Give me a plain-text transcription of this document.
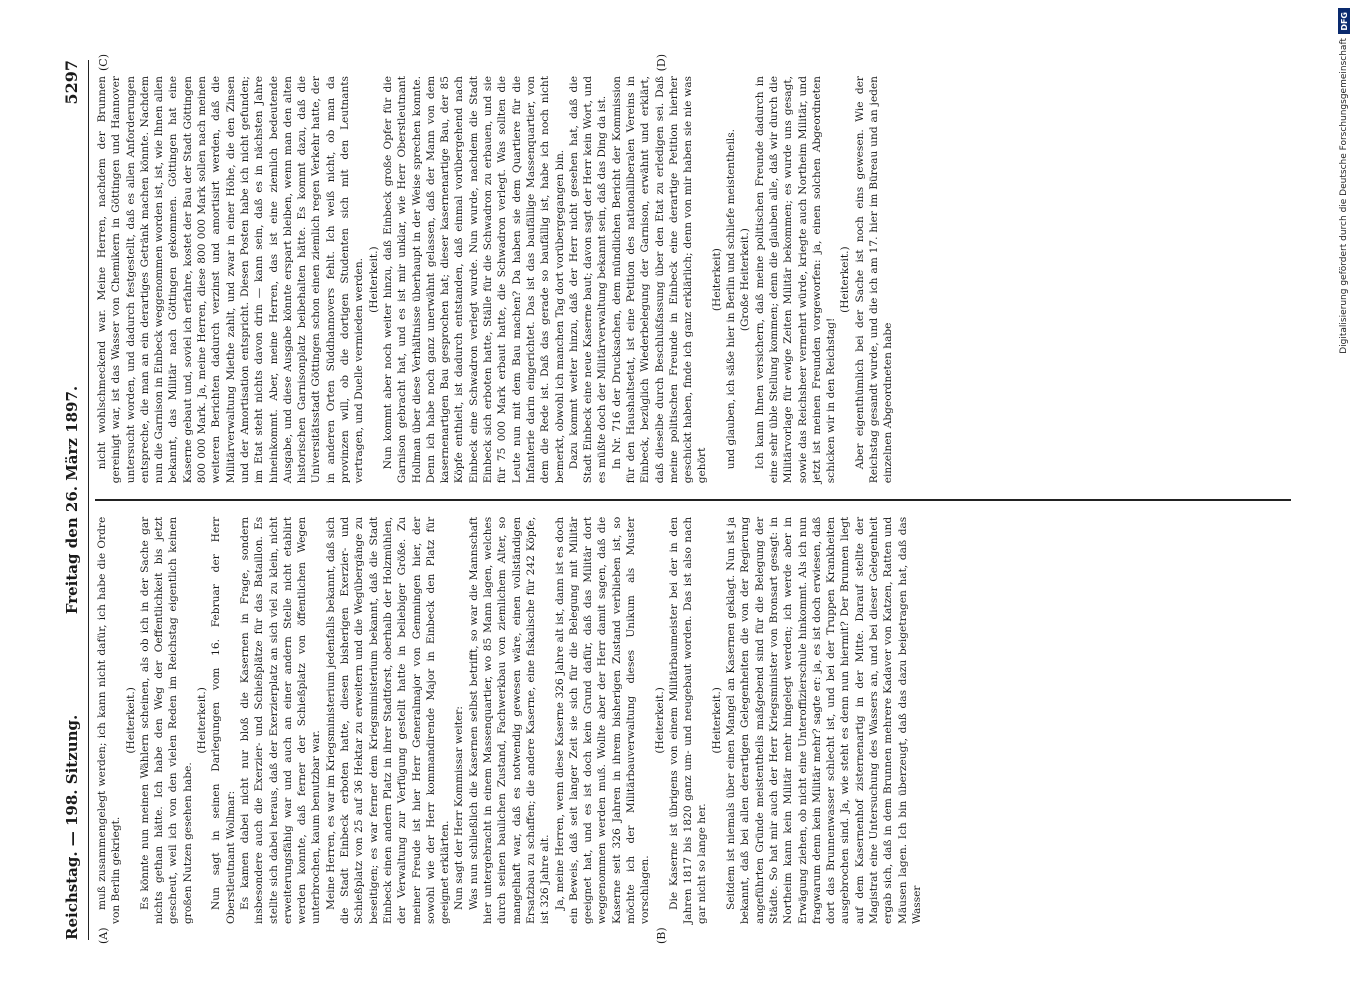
Reichstag. — 198. Sitzung.
Freitag den 26. März 1897.
5297
(A)	(B)
(C)	(D)

muß zusammengelegt werden; ich kann nicht dafür, ich habe die Ordre von Berlin gekriegt.

(Heiterkeit.) Es könnte nun meinen Wählern scheinen, als ob ich in der Sache gar nichts gethan hätte. Ich habe den Weg der Oeffentlichkeit bis jetzt gescheut, weil ich von den vielen Reden im Reichstag eigentlich keinen großen Nutzen gesehen habe.

(Heiterkeit.) Nun sagt in seinen Darlegungen vom 16. Februar der Herr Oberstleutnant Wollmar: Es kamen dabei nicht nur bloß die Kasernen in Frage, sondern insbesondere auch die Exerzier- und Schießplätze für das Bataillon. Es stellte sich dabei heraus, daß der Exerzierplatz an sich viel zu klein, nicht erweiterungsfähig war und auch an einer andern Stelle nicht etablirt werden konnte, daß ferner der Schießplatz von öffentlichen Wegen unterbrochen, kaum benutzbar war. Meine Herren, es war im Kriegsministerium jedenfalls bekannt, daß sich die Stadt Einbeck erboten hatte, diesen bisherigen Exerzier- und Schießplatz von 25 auf 36 Hektar zu erweitern und die Wegübergänge zu beseitigen; es war ferner dem Kriegsministerium bekannt, daß die Stadt Einbeck einen andern Platz in ihrer Stadtforst, oberhalb der Holzmühlen, der Verwaltung zur Verfügung gestellt hatte in beliebiger Größe. Zu meiner Freude ist hier Herr Generalmajor von Gemmingen hier, der sowohl wie der Herr kommandirende Major in Einbeck den Platz für geeignet erklärten. Nun sagt der Herr Kommissar weiter: Was nun schließlich die Kasernen selbst betrifft, so war die Mannschaft hier untergebracht in einem Massenquartier, wo 85 Mann lagen, welches durch seinen baulichen Zustand, Fachwerkbau von ziemlichem Alter, so mangelhaft war, daß es notwendig gewesen wäre, einen vollständigen Ersatzbau zu schaffen; die andere Kaserne, eine fiskalische für 242 Köpfe, ist 326 Jahre alt. Ja, meine Herren, wenn diese Kaserne 326 Jahre alt ist, dann ist es doch ein Beweis, daß seit langer Zeit sie sich für die Belegung mit Militär geeignet hat, und es ist doch kein Grund dafür, daß das Militär dort weggenommen werden muß. Wollte aber der Herr damit sagen, daß die Kaserne seit 326 Jahren in ihrem bisherigen Zustand verblieben ist, so möchte ich der Militärbauverwaltung dieses Unikum als Muster vorschlagen.

(Heiterkeit.) Die Kaserne ist übrigens von einem Militärbaumeister bei der in den Jahren 1817 bis 1820 ganz um- und neugebaut worden. Das ist also nach gar nicht so lange her.

(Heiterkeit.) Seitdem ist niemals über einen Mangel an Kasernen geklagt. Nun ist ja bekannt, daß bei allen derartigen Gelegenheiten die von der Regierung angeführten Gründe meistentheils maßgebend sind für die Belegung der Städte. So hat mir auch der Herr Kriegsminister von Bronsart gesagt: in Northeim kann kein Militär mehr hingelegt werden; ich werde aber in Erwägung ziehen, ob nicht eine Unteroffizierschule hinkommt. Als ich nun fragwarum denn kein Militär mehr? sagte er: ja, es ist doch erwiesen, daß dort das Brunnenwasser schlecht ist, und bei der Truppen Krankheiten ausgebrochen sind. Ja, wie steht es denn nun hiermit? Der Brunnen liegt auf dem Kasernenhof zisternenartig in der Mitte. Darauf stellte der Magistrat eine Untersuchung des Wassers an, und bei dieser Gelegenheit ergab sich, daß in dem Brunnen mehrere Kadaver von Katzen, Ratten und Mäusen lagen. Ich bin überzeugt, daß das dazu beigetragen hat, daß das Wasser

nicht wohlschmeckend war. Meine Herren, nachdem der Brunnen gereinigt war, ist das Wasser von Chemikern in Göttingen und Hannover untersucht worden, und dadurch festgestellt, daß es allen Anforderungen entspreche, die man an ein derartiges Getränk machen könnte. Nachdem nun die Garnison in Einbeck weggenommen worden ist, ist, wie Ihnen allen bekannt, das Militär nach Göttingen gekommen. Göttingen hat eine Kaserne gebaut und, soviel ich erfahre, kostet der Bau der Stadt Göttingen 800 000 Mark. Ja, meine Herren, diese 800 000 Mark sollen nach meinen weiteren Berichten dadurch verzinst und amortisirt werden, daß die Militärverwaltung Miethe zahlt, und zwar in einer Höhe, die den Zinsen und der Amortisation entspricht. Diesen Posten habe ich nicht gefunden; im Etat steht nichts davon drin — kann sein, daß es in nächsten Jahre hineinkommt. Aber, meine Herren, das ist eine ziemlich bedeutende Ausgabe, und diese Ausgabe könnte erspart bleiben, wenn man den alten historischen Garnisonplatz beibehalten hätte. Es kommt dazu, daß die Universitätsstadt Göttingen schon einen ziemlich regen Verkehr hatte, der in anderen Orten Süddhannovers fehlt. Ich weiß nicht, ob man da provinzen will, ob die dortigen Studenten sich mit den Leutnants vertragen, und Duelle vermieden werden. (Heiterkeit.) Nun kommt aber noch weiter hinzu, daß Einbeck große Opfer für die Garnison gebracht hat, und es ist mir unklar, wie Herr Oberstleutnant Hollman über diese Verhältnisse überhaupt in der Weise sprechen konnte. Denn ich habe noch ganz unerwähnt gelassen, daß der Mann von dem kasernenartigen Bau gesprochen hat; dieser kasernenartige Bau, der 85 Köpfe enthielt, ist dadurch entstanden, daß einmal vorübergehend nach Einbeck eine Schwadron verlegt wurde. Nun wurde, nachdem die Stadt Einbeck sich erboten hatte, Ställe für die Schwadron zu erbauen, und sie für 75 000 Mark erbaut hatte, die Schwadron verlegt. Was sollten die Leute nun mit dem Bau machen? Da haben sie dem Quartiere für die Infanterie darin eingerichtet. Das ist das baufällige Massenquartier, von dem die Rede ist. Daß das gerade so baufällig ist, habe ich noch nicht bemerkt, obwohl ich manchen Tag dort vorübergegangen bin. Dazu kommt weiter hinzu, daß der Herr nicht gesehen hat, daß die Stadt Einbeck eine neue Kaserne baut; davon sagt der Herr kein Wort, und es müßte doch der Militärverwaltung bekannt sein, daß das Ding da ist. In Nr. 716 der Drucksachen, dem mündlichen Bericht der Kommission für den Haushaltsetat, ist eine Petition des nationalliberalen Vereins in Einbeck, bezüglich Wiederbelegung der Garnison, erwähnt und erklärt, daß dieselbe durch Beschlußfassung über den Etat zu erledigen sei. Daß meine politischen Freunde in Einbeck eine derartige Petition hierher geschickt haben, finde ich ganz erklärlich; denn von mir haben sie nie was gehört

(Heiterkeit) und glauben, ich säße hier in Berlin und schliefe meistentheils. (Große Heiterkeit.) Ich kann Ihnen versichern, daß meine politischen Freunde dadurch in eine sehr üble Stellung kommen; denn die glauben alle, daß wir durch die Militärvorlage für ewige Zeiten Militär bekommen; es wurde uns gesagt, sowie das Reichsheer vermehrt würde, kriegte auch Northeim Militär, und jetzt ist meinen Freunden vorgeworfen: ja, einen solchen Abgeordneten schicken wir in den Reichstag!

(Heiterkeit.) Aber eigenthümlich bei der Sache ist noch eins gewesen. Wie der Reichstag gesandt wurde, und die ich am 17. hier im Büreau und an jeden einzelnen Abgeordneten habe

DFG
Digitalisierung gefördert durch die Deutsche Forschungsgemeinschaft
